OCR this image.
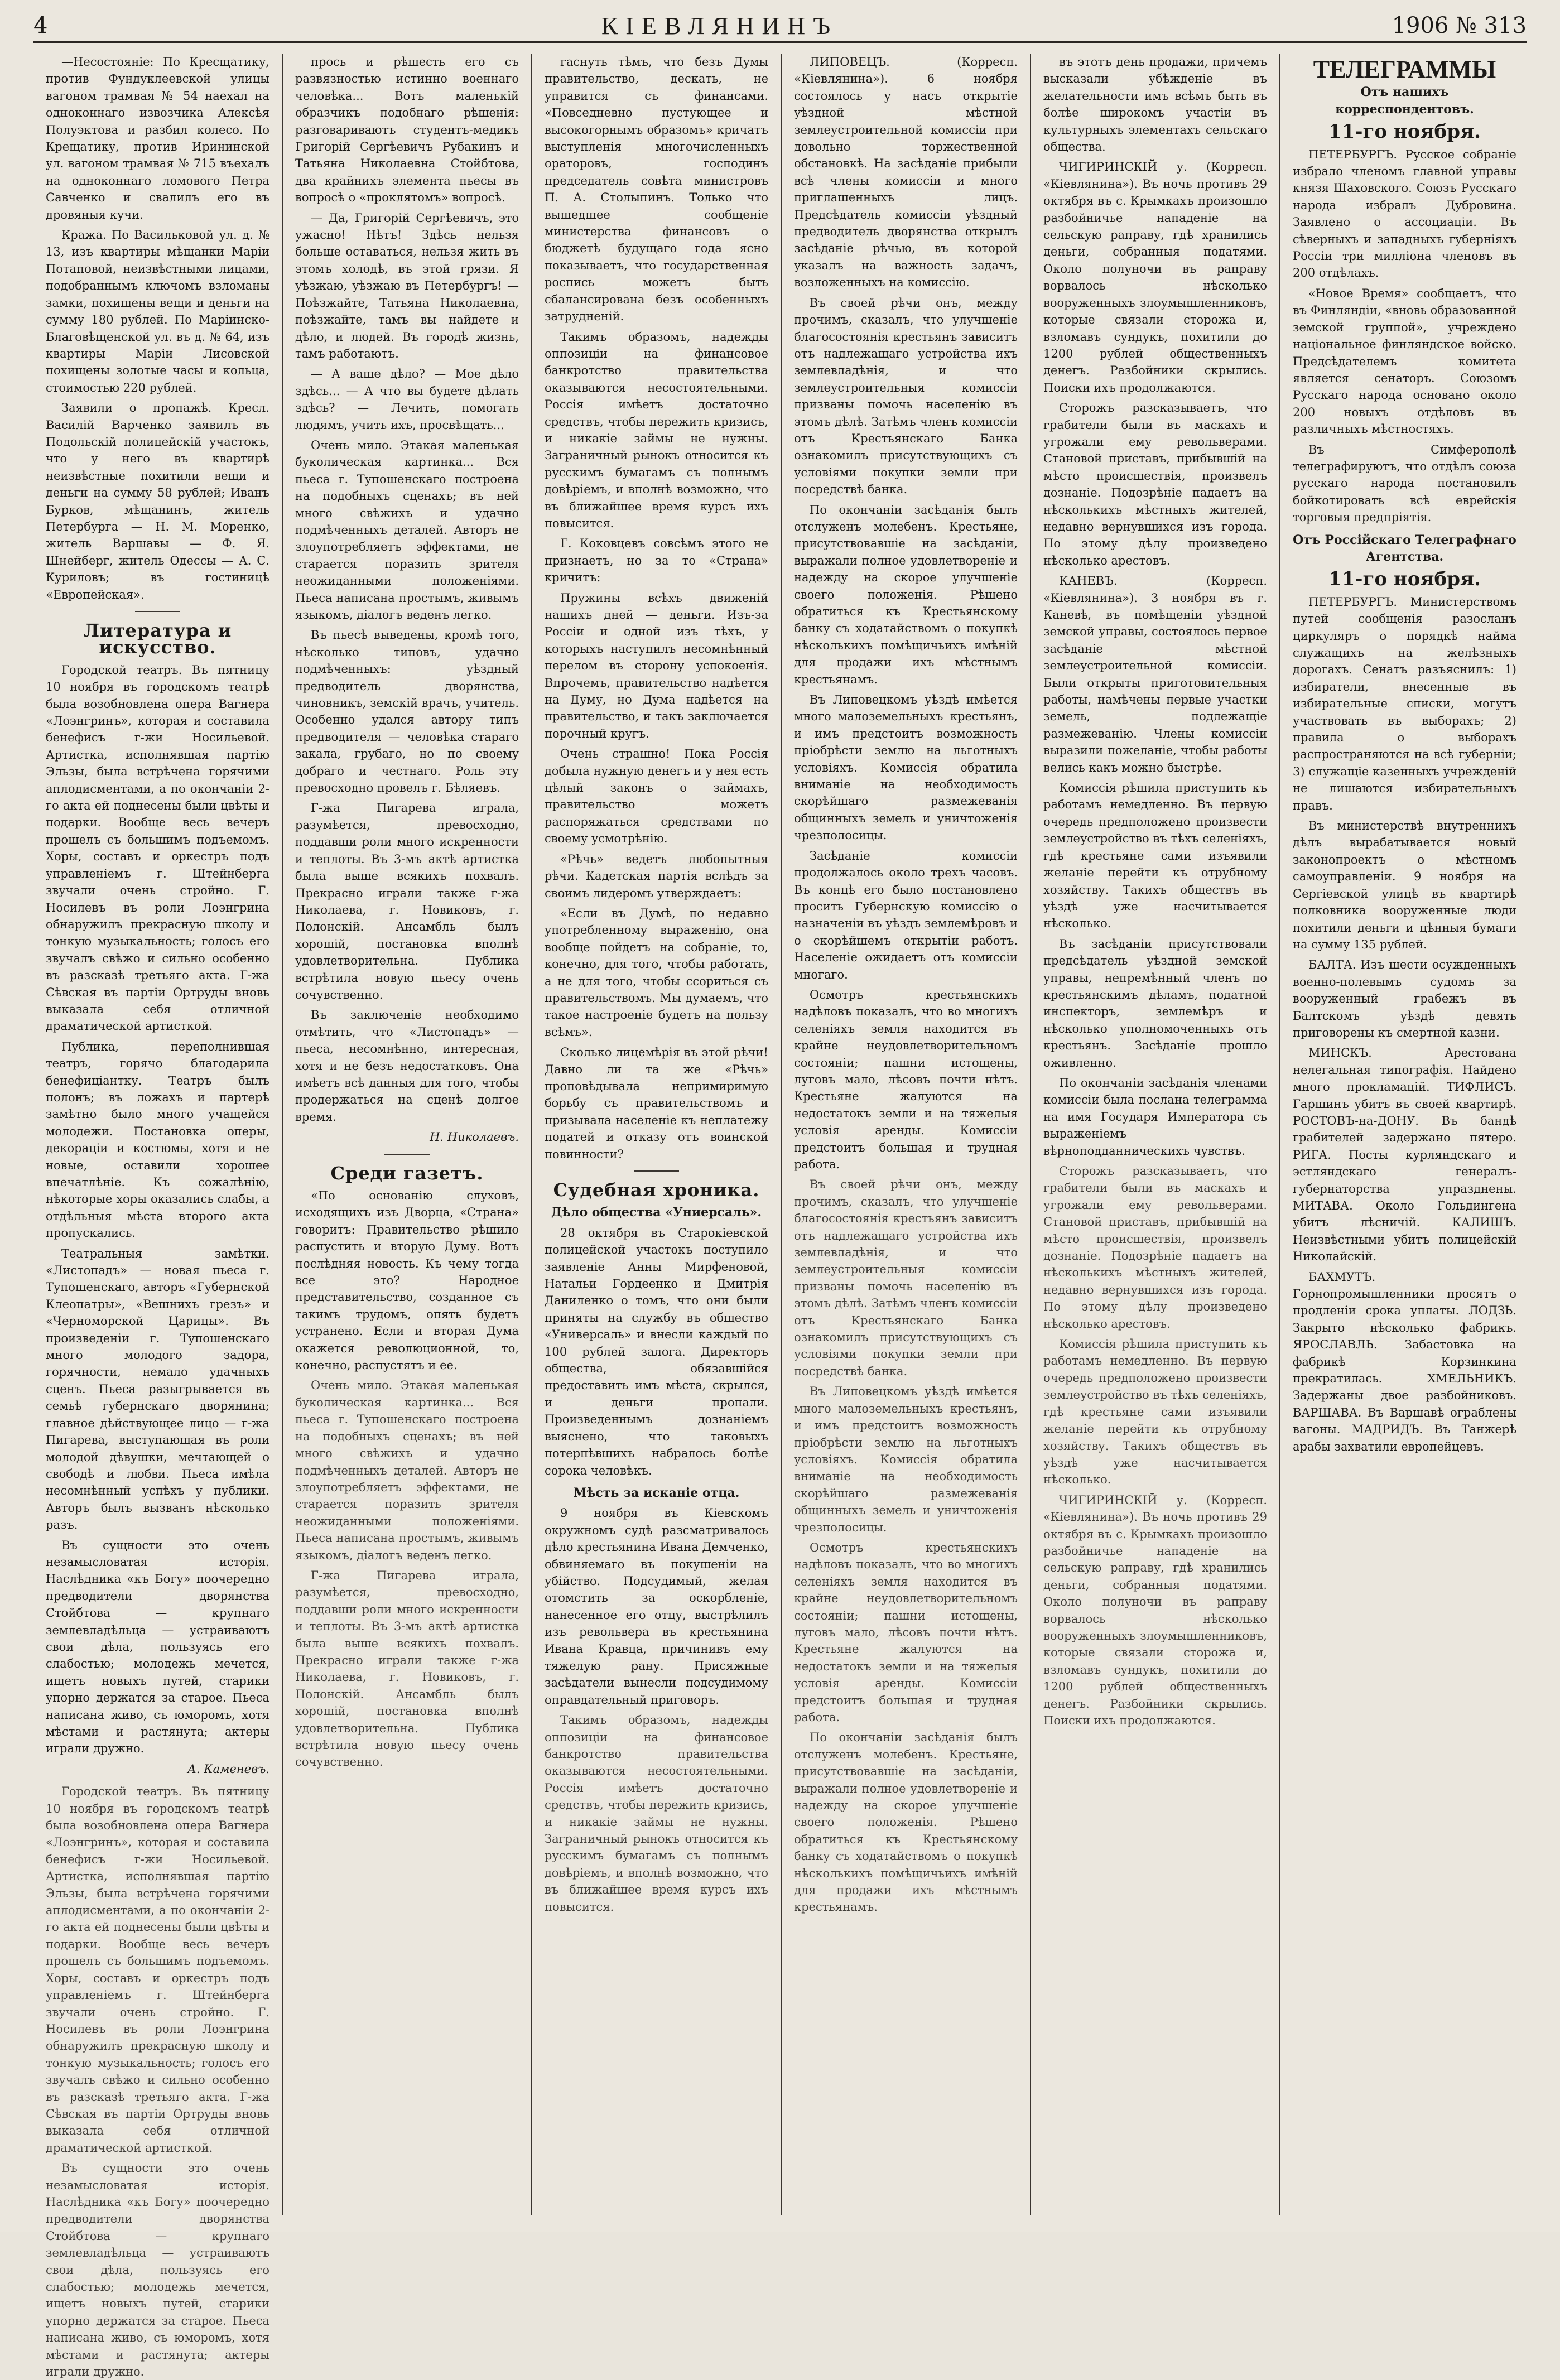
4	КІЕВЛЯНИНЪ	1906 № 313

—Несостоянiе: По Кресщатику, против Фундуклеевской улицы вагоном трамвая № 54 наехал на одноконнаго извозчика Алексѣя Полуэктова и разбил колесо. По Крещатику, против Ирининской ул. вагоном трамвая № 715 въехалъ на одноконнаго ломового Петра Савченко и свалилъ его въ дровяныя кучи.

Кража. По Васильковой ул. д. № 13, изъ квартиры мѣщанки Марiи Потаповой, неизвѣстными лицами, подобраннымъ ключомъ взломаны замки, похищены вещи и деньги на сумму 180 рублей. По Марiинско-Благовѣщенской ул. въ д. № 64, изъ квартиры Марiи Лисовской похищены золотые часы и кольца, стоимостью 220 рублей.

Заявили о пропажѣ. Кресл. Василій Варченко заявилъ въ Подольскій полицейскій участокъ, что у него въ квартирѣ неизвѣстные похитили вещи и деньги на сумму 58 рублей; Иванъ Бурков, мѣщанинъ, житель Петербурга — Н. М. Моренко, житель Варшавы — Ф. Я. Шнейберг, житель Одессы — А. С. Куриловъ; въ гостиницѣ «Европейская».

Литература и искусство.

Городской театръ. Въ пятницу 10 ноября въ городскомъ театрѣ была возобновлена опера Вагнера «Лоэнгринъ», которая и составила бенефисъ г-жи Носильевой. Артистка, исполнявшая партію Эльзы, была встрѣчена горячими аплодисментами, а по окончанiи 2-го акта ей поднесены были цвѣты и подарки. Вообще весь вечеръ прошелъ съ большимъ подъемомъ. Хоры, составъ и оркестръ подъ управленiемъ г. Штейнберга звучали очень стройно. Г. Носилевъ въ роли Лоэнгрина обнаружилъ прекрасную школу и тонкую музыкальность; голосъ его звучалъ свѣжо и сильно особенно въ разсказѣ третьяго акта. Г-жа Сѣвская въ партіи Ортруды вновь выказала себя отличной драматической артисткой.

Публика, переполнившая театръ, горячо благодарила бенефиціантку. Театръ былъ полонъ; въ ложахъ и партерѣ замѣтно было много учащейся молодежи. Постановка оперы, декорацiи и костюмы, хотя и не новые, оставили хорошее впечатлѣнiе. Къ сожалѣнiю, нѣкоторые хоры оказались слабы, а отдѣльныя мѣста второго акта пропускались.

Театральныя замѣтки. «Листопадъ» — новая пьеса г. Тупошенскаго, авторъ «Губернской Клеопатры», «Вешнихъ грезъ» и «Черноморской Царицы». Въ произведенiи г. Тупошенскаго много молодого задора, горячности, немало удачныхъ сценъ. Пьеса разыгрывается въ семьѣ губернскаго дворянина; главное дѣйствующее лицо — г-жа Пигарева, выступающая въ роли молодой дѣвушки, мечтающей о свободѣ и любви. Пьеса имѣла несомнѣнный успѣхъ у публики. Авторъ былъ вызванъ нѣсколько разъ.

Въ сущности это очень незамысловатая исторiя. Наслѣдника «къ Богу» поочередно предводители дворянства Стойбтова — крупнаго землевладѣльца — устраиваютъ свои дѣла, пользуясь его слабостью; молодежь мечется, ищетъ новыхъ путей, старики упорно держатся за старое. Пьеса написана живо, съ юморомъ, хотя мѣстами и растянута; актеры играли дружно.

А. Каменевъ.

Городской театръ. Въ пятницу 10 ноября въ городскомъ театрѣ была возобновлена опера Вагнера «Лоэнгринъ», которая и составила бенефисъ г-жи Носильевой. Артистка, исполнявшая партію Эльзы, была встрѣчена горячими аплодисментами, а по окончанiи 2-го акта ей поднесены были цвѣты и подарки. Вообще весь вечеръ прошелъ съ большимъ подъемомъ. Хоры, составъ и оркестръ подъ управленiемъ г. Штейнберга звучали очень стройно. Г. Носилевъ въ роли Лоэнгрина обнаружилъ прекрасную школу и тонкую музыкальность; голосъ его звучалъ свѣжо и сильно особенно въ разсказѣ третьяго акта. Г-жа Сѣвская въ партіи Ортруды вновь выказала себя отличной драматической артисткой.

Въ сущности это очень незамысловатая исторiя. Наслѣдника «къ Богу» поочередно предводители дворянства Стойбтова — крупнаго землевладѣльца — устраиваютъ свои дѣла, пользуясь его слабостью; молодежь мечется, ищетъ новыхъ путей, старики упорно держатся за старое. Пьеса написана живо, съ юморомъ, хотя мѣстами и растянута; актеры играли дружно.

прось и рѣшесть его съ развязностью истинно военнаго человѣка... Вотъ маленькій образчикъ подобнаго рѣшенiя: разговариваютъ студентъ-медикъ Григорій Сергѣевичъ Рубакинъ и Татьяна Николаевна Стойбтова, два крайнихъ элемента пьесы въ вопросѣ о «проклятомъ» вопросѣ.

— Да, Григорій Сергѣевичъ, это ужасно! Нѣтъ! Здѣсь нельзя больше оставаться, нельзя жить въ этомъ холодѣ, въ этой грязи. Я уѣзжаю, уѣзжаю въ Петербургъ! — Поѣзжайте, Татьяна Николаевна, поѣзжайте, тамъ вы найдете и дѣло, и людей. Въ городѣ жизнь, тамъ работаютъ.

— А ваше дѣло? — Мое дѣло здѣсь... — А что вы будете дѣлать здѣсь? — Лечить, помогать людямъ, учить ихъ, просвѣщать...

Очень мило. Этакая маленькая буколическая картинка... Вся пьеса г. Тупошенскаго построена на подобныхъ сценахъ; въ ней много свѣжихъ и удачно подмѣченныхъ деталей. Авторъ не злоупотребляетъ эффектами, не старается поразить зрителя неожиданными положенiями. Пьеса написана простымъ, живымъ языкомъ, дiалогъ веденъ легко.

Въ пьесѣ выведены, кромѣ того, нѣсколько типовъ, удачно подмѣченныхъ: уѣздный предводитель дворянства, чиновникъ, земскій врачъ, учитель. Особенно удался автору типъ предводителя — человѣка стараго закала, грубаго, но по своему добраго и честнаго. Роль эту превосходно провелъ г. Бѣляевъ.

Г-жа Пигарева играла, разумѣется, превосходно, поддавши роли много искренности и теплоты. Въ 3-мъ актѣ артистка была выше всякихъ похвалъ. Прекрасно играли также г-жа Николаева, г. Новиковъ, г. Полонскій. Ансамбль былъ хорошiй, постановка вполнѣ удовлетворительна. Публика встрѣтила новую пьесу очень сочувственно.

Въ заключенiе необходимо отмѣтить, что «Листопадъ» — пьеса, несомнѣнно, интересная, хотя и не безъ недостатковъ. Она имѣетъ всѣ данныя для того, чтобы продержаться на сценѣ долгое время.

Н. Николаевъ.
Среди газетъ.

«По основанiю слуховъ, исходящихъ изъ Дворца, «Страна» говоритъ: Правительство рѣшило распустить и вторую Думу. Вотъ послѣдняя новость. Къ чему тогда все это? Народное представительство, созданное съ такимъ трудомъ, опять будетъ устранено. Если и вторая Дума окажется революционной, то, конечно, распустятъ и ее.

Очень мило. Этакая маленькая буколическая картинка... Вся пьеса г. Тупошенскаго построена на подобныхъ сценахъ; въ ней много свѣжихъ и удачно подмѣченныхъ деталей. Авторъ не злоупотребляетъ эффектами, не старается поразить зрителя неожиданными положенiями. Пьеса написана простымъ, живымъ языкомъ, дiалогъ веденъ легко.

Г-жа Пигарева играла, разумѣется, превосходно, поддавши роли много искренности и теплоты. Въ 3-мъ актѣ артистка была выше всякихъ похвалъ. Прекрасно играли также г-жа Николаева, г. Новиковъ, г. Полонскій. Ансамбль былъ хорошiй, постановка вполнѣ удовлетворительна. Публика встрѣтила новую пьесу очень сочувственно.

гаснуть тѣмъ, что безъ Думы правительство, дескать, не управится съ финансами. «Повседневно пустующее и высокогорнымъ образомъ» кричатъ выступленiя многочисленныхъ ораторовъ, господинъ председатель совѣта министровъ П. А. Столыпинъ. Только что вышедшее сообщенiе министерства финансовъ о бюджетѣ будущаго года ясно показываетъ, что государственная роспись можетъ быть сбалансирована безъ особенныхъ затрудненiй.

Такимъ образомъ, надежды оппозицiи на финансовое банкротство правительства оказываются несостоятельными. Россiя имѣетъ достаточно средствъ, чтобы пережить кризисъ, и никакiе займы не нужны. Заграничный рынокъ относится къ русскимъ бумагамъ съ полнымъ довѣрiемъ, и вполнѣ возможно, что въ ближайшее время курсъ ихъ повысится.

Г. Коковцевъ совсѣмъ этого не признаетъ, но за то «Страна» кричитъ:

Пружины всѣхъ движенiй нашихъ дней — деньги. Изъ-за Россiи и одной изъ тѣхъ, у которыхъ наступилъ несомнѣнный перелом въ сторону успокоенiя. Впрочемъ, правительство надѣется на Думу, но Дума надѣется на правительство, и такъ заключается порочный кругъ.

Очень страшно! Пока Россiя добыла нужную денегъ и у нея есть цѣлый законъ о займахъ, правительство можетъ распоряжаться средствами по своему усмотрѣнiю.

«Рѣчь» ведетъ любопытныя рѣчи. Кадетская партiя вслѣдъ за своимъ лидеромъ утверждаетъ:

«Если въ Думѣ, по недавно употребленному выраженiю, она вообще пойдетъ на собранiе, то, конечно, для того, чтобы работать, а не для того, чтобы ссориться съ правительствомъ. Мы думаемъ, что такое настроенiе будетъ на пользу всѣмъ».

Сколько лицемѣрiя въ этой рѣчи! Давно ли та же «Рѣчь» проповѣдывала непримиримую борьбу съ правительствомъ и призывала населенiе къ неплатежу податей и отказу отъ воинской повинности?

Судебная хроника.
Дѣло общества «Униерсаль».

28 октября въ Старокiевской полицейской участокъ поступило заявленiе Анны Мирфеновой, Натальи Гордеенко и Дмитрiя Даниленко о томъ, что они были приняты на службу въ общество «Универсаль» и внесли каждый по 100 рублей залога. Директоръ общества, обязавшійся предоставить имъ мѣста, скрылся, и деньги пропали. Произведеннымъ дознанiемъ выяснено, что таковыхъ потерпѣвшихъ набралось болѣе сорока человѣкъ.

Мѣсть за исканiе отца.

9 ноября въ Кiевскомъ окружномъ судѣ разсматривалось дѣло крестьянина Ивана Демченко, обвиняемаго въ покушенiи на убiйство. Подсудимый, желая отомстить за оскорбленiе, нанесенное его отцу, выстрѣлилъ изъ револьвера въ крестьянина Ивана Кравца, причинивъ ему тяжелую рану. Присяжные засѣдатели вынесли подсудимому оправдательный приговоръ.

Такимъ образомъ, надежды оппозицiи на финансовое банкротство правительства оказываются несостоятельными. Россiя имѣетъ достаточно средствъ, чтобы пережить кризисъ, и никакiе займы не нужны. Заграничный рынокъ относится къ русскимъ бумагамъ съ полнымъ довѣрiемъ, и вполнѣ возможно, что въ ближайшее время курсъ ихъ повысится.

ЛИПОВЕЦЪ. (Корресп. «Кiевлянина»). 6 ноября состоялось у насъ открытiе уѣздной мѣстной землеустроительной комиссiи при довольно торжественной обстановкѣ. На засѣданiе прибыли всѣ члены комиссiи и много приглашенныхъ лицъ. Предсѣдатель комиссiи уѣздный предводитель дворянства открылъ засѣданiе рѣчью, въ которой указалъ на важность задачъ, возложенныхъ на комиссiю.

Въ своей рѣчи онъ, между прочимъ, сказалъ, что улучшенiе благосостоянiя крестьянъ зависитъ отъ надлежащаго устройства ихъ землевладѣнiя, и что землеустроительныя комиссiи призваны помочь населенiю въ этомъ дѣлѣ. Затѣмъ членъ комиссiи отъ Крестьянскаго Банка ознакомилъ присутствующихъ съ условiями покупки земли при посредствѣ банка.

По окончанiи засѣданiя былъ отслуженъ молебенъ. Крестьяне, присутствовавшiе на засѣданiи, выражали полное удовлетворенiе и надежду на скорое улучшенiе своего положенiя. Рѣшено обратиться къ Крестьянскому банку съ ходатайствомъ о покупкѣ нѣсколькихъ помѣщичьихъ имѣнiй для продажи ихъ мѣстнымъ крестьянамъ.

Въ Липовецкомъ уѣздѣ имѣется много малоземельныхъ крестьянъ, и имъ предстоитъ возможность прiобрѣсти землю на льготныхъ условiяхъ. Комиссiя обратила вниманiе на необходимость скорѣйшаго размежеванiя общинныхъ земель и уничтоженiя чрезполосицы.

Засѣданiе комиссiи продолжалось около трехъ часовъ. Въ концѣ его было постановлено просить Губернскую комиссiю о назначенiи въ уѣздъ землемѣровъ и о скорѣйшемъ открытiи работъ. Населенiе ожидаетъ отъ комиссiи многаго.

Осмотръ крестьянскихъ надѣловъ показалъ, что во многихъ селенiяхъ земля находится въ крайне неудовлетворительномъ состоянiи; пашни истощены, луговъ мало, лѣсовъ почти нѣтъ. Крестьяне жалуются на недостатокъ земли и на тяжелыя условiя аренды. Комиссiи предстоитъ большая и трудная работа.

Въ своей рѣчи онъ, между прочимъ, сказалъ, что улучшенiе благосостоянiя крестьянъ зависитъ отъ надлежащаго устройства ихъ землевладѣнiя, и что землеустроительныя комиссiи призваны помочь населенiю въ этомъ дѣлѣ. Затѣмъ членъ комиссiи отъ Крестьянскаго Банка ознакомилъ присутствующихъ съ условiями покупки земли при посредствѣ банка.

Въ Липовецкомъ уѣздѣ имѣется много малоземельныхъ крестьянъ, и имъ предстоитъ возможность прiобрѣсти землю на льготныхъ условiяхъ. Комиссiя обратила вниманiе на необходимость скорѣйшаго размежеванiя общинныхъ земель и уничтоженiя чрезполосицы.

Осмотръ крестьянскихъ надѣловъ показалъ, что во многихъ селенiяхъ земля находится въ крайне неудовлетворительномъ состоянiи; пашни истощены, луговъ мало, лѣсовъ почти нѣтъ. Крестьяне жалуются на недостатокъ земли и на тяжелыя условiя аренды. Комиссiи предстоитъ большая и трудная работа.

По окончанiи засѣданiя былъ отслуженъ молебенъ. Крестьяне, присутствовавшiе на засѣданiи, выражали полное удовлетворенiе и надежду на скорое улучшенiе своего положенiя. Рѣшено обратиться къ Крестьянскому банку съ ходатайствомъ о покупкѣ нѣсколькихъ помѣщичьихъ имѣнiй для продажи ихъ мѣстнымъ крестьянамъ.

въ этотъ день продажи, причемъ высказали убѣжденiе въ желательности имъ всѣмъ быть въ болѣе широкомъ участiи въ культурныхъ элементахъ сельскаго общества.

ЧИГИРИНСКIЙ у. (Корресп. «Кiевлянина»). Въ ночь противъ 29 октября въ с. Крымкахъ произошло разбойничье нападенiе на сельскую раправу, гдѣ хранились деньги, собранныя податями. Около полуночи въ раправу ворвалось нѣсколько вооруженныхъ злоумышленниковъ, которые связали сторожа и, взломавъ сундукъ, похитили до 1200 рублей общественныхъ денегъ. Разбойники скрылись. Поиски ихъ продолжаются.

Сторожъ разсказываетъ, что грабители были въ маскахъ и угрожали ему револьверами. Становой приставъ, прибывшiй на мѣсто происшествiя, произвелъ дознанiе. Подозрѣнiе падаетъ на нѣсколькихъ мѣстныхъ жителей, недавно вернувшихся изъ города. По этому дѣлу произведено нѣсколько арестовъ.

КАНЕВЪ. (Корресп. «Кiевлянина»). 3 ноября въ г. Каневѣ, въ помѣщенiи уѣздной земской управы, состоялось первое засѣданiе мѣстной землеустроительной комиссiи. Были открыты приготовительныя работы, намѣчены первые участки земель, подлежащiе размежеванiю. Члены комиссiи выразили пожеланiе, чтобы работы велись какъ можно быстрѣе.

Комиссiя рѣшила приступить къ работамъ немедленно. Въ первую очередь предположено произвести землеустройство въ тѣхъ селенiяхъ, гдѣ крестьяне сами изъявили желанiе перейти къ отрубному хозяйству. Такихъ обществъ въ уѣздѣ уже насчитывается нѣсколько.

Въ засѣданiи присутствовали предсѣдатель уѣздной земской управы, непремѣнный членъ по крестьянскимъ дѣламъ, податной инспекторъ, землемѣръ и нѣсколько уполномоченныхъ отъ крестьянъ. Засѣданiе прошло оживленно.

По окончанiи засѣданiя членами комиссiи была послана телеграмма на имя Государя Императора съ выраженiемъ вѣрноподданническихъ чувствъ.

Сторожъ разсказываетъ, что грабители были въ маскахъ и угрожали ему револьверами. Становой приставъ, прибывшiй на мѣсто происшествiя, произвелъ дознанiе. Подозрѣнiе падаетъ на нѣсколькихъ мѣстныхъ жителей, недавно вернувшихся изъ города. По этому дѣлу произведено нѣсколько арестовъ.

Комиссiя рѣшила приступить къ работамъ немедленно. Въ первую очередь предположено произвести землеустройство въ тѣхъ селенiяхъ, гдѣ крестьяне сами изъявили желанiе перейти къ отрубному хозяйству. Такихъ обществъ въ уѣздѣ уже насчитывается нѣсколько.

ЧИГИРИНСКIЙ у. (Корресп. «Кiевлянина»). Въ ночь противъ 29 октября въ с. Крымкахъ произошло разбойничье нападенiе на сельскую раправу, гдѣ хранились деньги, собранныя податями. Около полуночи въ раправу ворвалось нѣсколько вооруженныхъ злоумышленниковъ, которые связали сторожа и, взломавъ сундукъ, похитили до 1200 рублей общественныхъ денегъ. Разбойники скрылись. Поиски ихъ продолжаются.

ТЕЛЕГРАММЫ
Отъ нашихъ корреспондентовъ.
11-го ноября.

ПЕТЕРБУРГЪ. Русское собранiе избрало членомъ главной управы князя Шаховского. Союзъ Русскаго народа избралъ Дубровина. Заявлено о ассоциацiи. Въ сѣверныхъ и западныхъ губернiяхъ Россiи три миллiона членовъ въ 200 отдѣлахъ.

«Новое Время» сообщаетъ, что въ Финляндiи, «вновь образованной земской группой», учреждено національное финляндское войско. Предсѣдателемъ комитета является сенаторъ. Союзомъ Русскаго народа основано около 200 новыхъ отдѣловъ въ различныхъ мѣстностяхъ.

Въ Симферополѣ телеграфируютъ, что отдѣлъ союза русскаго народа постановилъ бойкотировать всѣ еврейскiя торговыя предпрiятiя.

Отъ Россiйскаго Телеграфнаго Агентства.
11-го ноября.

ПЕТЕРБУРГЪ. Министерствомъ путей сообщенiя разосланъ циркуляръ о порядкѣ найма служащихъ на желѣзныхъ дорогахъ. Сенатъ разъяснилъ: 1) избиратели, внесенные въ избирательные списки, могутъ участвовать въ выборахъ; 2) правила о выборахъ распространяются на всѣ губернiи; 3) служащiе казенныхъ учрежденiй не лишаются избирательныхъ правъ.

Въ министерствѣ внутреннихъ дѣлъ вырабатывается новый законопроектъ о мѣстномъ самоуправленiи. 9 ноября на Сергiевской улицѣ въ квартирѣ полковника вооруженные люди похитили деньги и цѣнныя бумаги на сумму 135 рублей.

БАЛТА. Изъ шести осужденныхъ военно-полевымъ судомъ за вооруженный грабежъ въ Балтскомъ уѣздѣ девять приговорены къ смертной казни.

МИНСКЪ. Арестована нелегальная типографiя. Найдено много прокламацiй. ТИФЛИСЪ. Гаршинъ убитъ въ своей квартирѣ. РОСТОВЪ-на-ДОНУ. Въ бандѣ грабителей задержано пятеро. РИГА. Посты курляндскаго и эстляндскаго генералъ-губернаторства упразднены. МИТАВА. Около Гольдингена убитъ лѣсничiй. КАЛИШЪ. Неизвѣстными убитъ полицейскiй Николайскiй.

БАХМУТЪ. Горнопромышленники просятъ о продленiи срока уплаты. ЛОДЗЬ. Закрыто нѣсколько фабрикъ. ЯРОСЛАВЛЬ. Забастовка на фабрикѣ Корзинкина прекратилась. ХМЕЛЬНИКЪ. Задержаны двое разбойниковъ. ВАРШАВА. Въ Варшавѣ ограблены вагоны. МАДРИДЪ. Въ Танжерѣ арабы захватили европейцевъ.
